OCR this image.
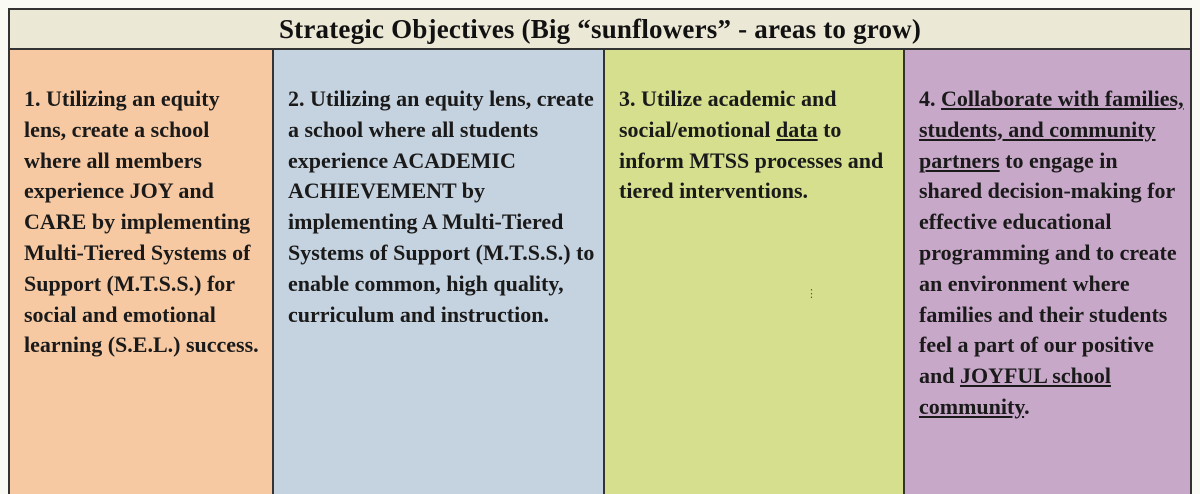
Strategic Objectives (Big “sunflowers” - areas to grow)
1. Utilizing an equity lens, create a school where all members experience JOY and CARE by implementing Multi-Tiered Systems of Support (M.T.S.S.) for social and emotional learning (S.E.L.) success.
2. Utilizing an equity lens, create a school where all students experience ACADEMIC ACHIEVEMENT by implementing A Multi-Tiered Systems of Support (M.T.S.S.) to enable common, high quality, curriculum and instruction.
3. Utilize academic and social/emotional data to inform MTSS processes and tiered interventions.
4. Collaborate with families, students, and community partners to engage in shared decision-making for effective educational programming and to create an environment where families and their students feel a part of our positive and JOYFUL school community.
⋮
